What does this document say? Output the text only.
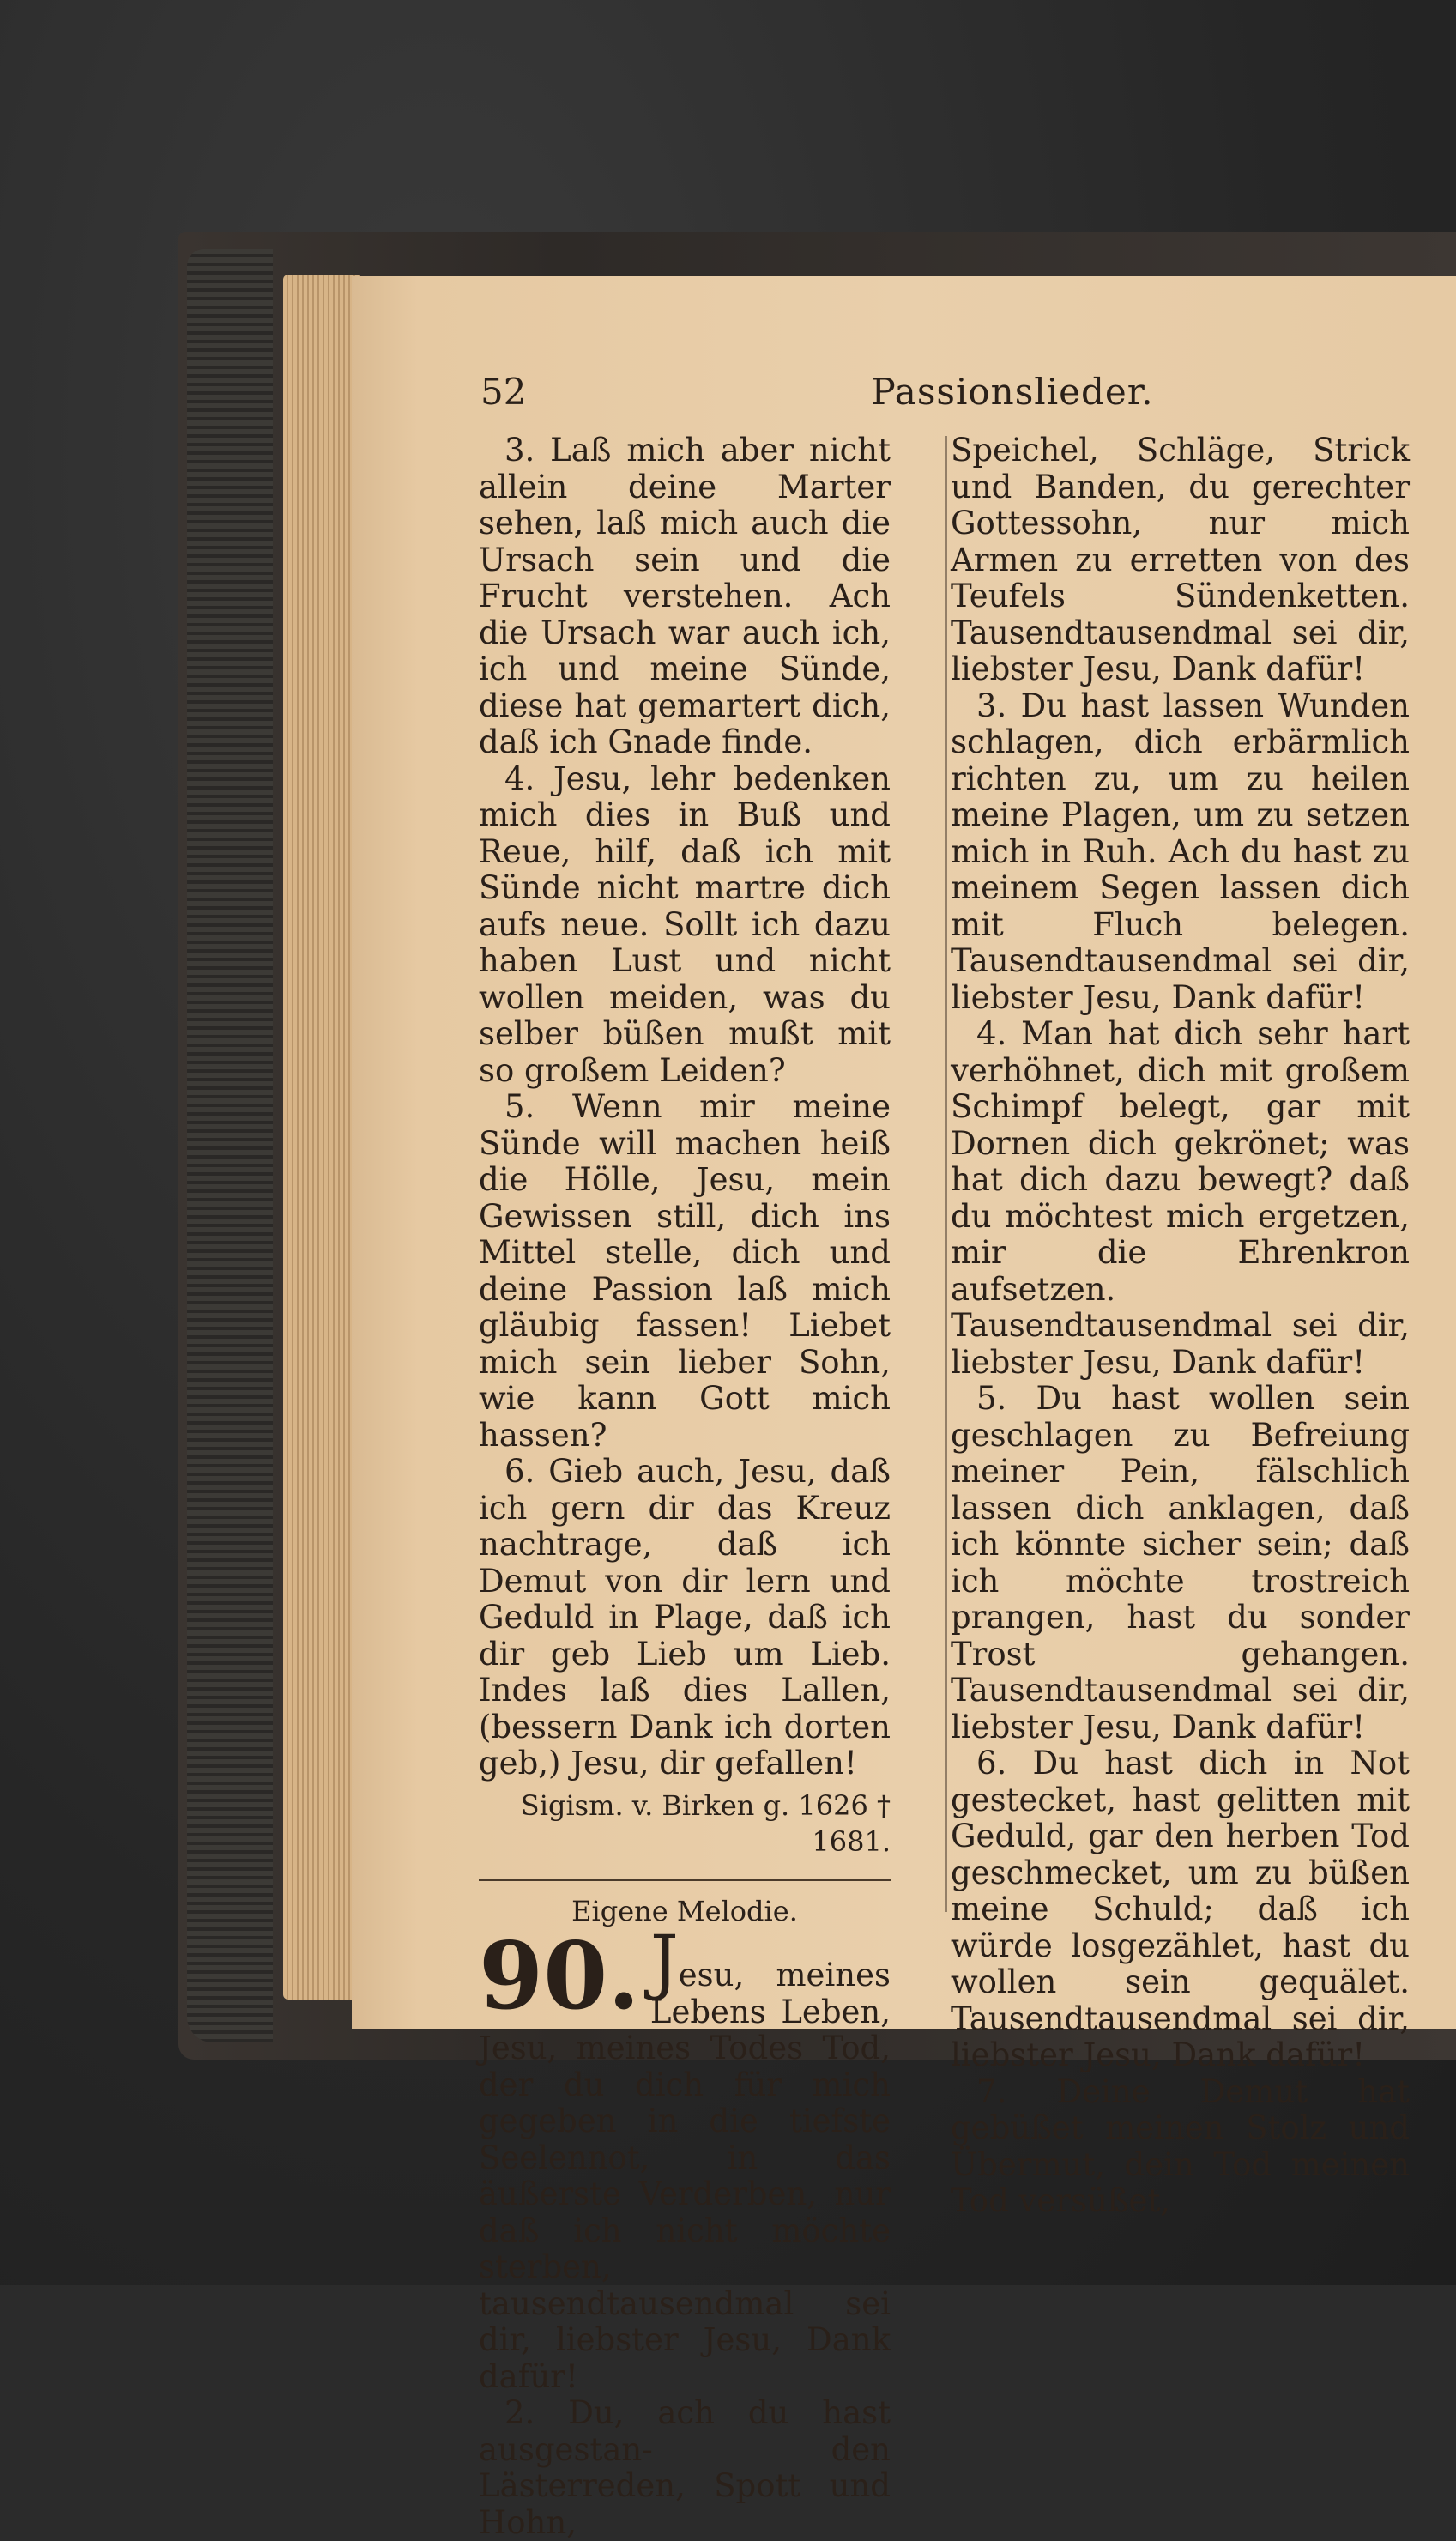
52	Passionslieder.

3. Laß mich aber nicht allein deine Marter sehen, laß mich auch die Ursach sein und die Frucht verstehen. Ach die Ursach war auch ich, ich und meine Sünde, diese hat gemartert dich, daß ich Gnade finde.

4. Jesu, lehr bedenken mich dies in Buß und Reue, hilf, daß ich mit Sünde nicht martre dich aufs neue. Sollt ich dazu haben Lust und nicht wollen meiden, was du selber büßen mußt mit so großem Leiden?

5. Wenn mir meine Sünde will machen heiß die Hölle, Jesu, mein Gewissen still, dich ins Mittel stelle, dich und deine Passion laß mich gläubig fassen! Liebet mich sein lieber Sohn, wie kann Gott mich hassen?

6. Gieb auch, Jesu, daß ich gern dir das Kreuz nachtrage, daß ich Demut von dir lern und Geduld in Plage, daß ich dir geb Lieb um Lieb. Indes laß dies Lallen, (bessern Dank ich dorten geb,) Jesu, dir gefallen!

Sigism. v. Birken g. 1626 † 1681.

Eigene Melodie.

90. Jesu, meines Lebens Leben, Jesu, meines Todes Tod, der du dich für mich gegeben in die tiefste Seelennot, in das äußerste Verderben, nur daß ich nicht möchte sterben, tausendtausendmal sei dir, liebster Jesu, Dank dafür!

2. Du, ach du hast ausgestan- den Lästerreden, Spott und Hohn,

Speichel, Schläge, Strick und Banden, du gerechter Gottessohn, nur mich Armen zu erretten von des Teufels Sündenketten. Tausendtausendmal sei dir, liebster Jesu, Dank dafür!

3. Du hast lassen Wunden schlagen, dich erbärmlich richten zu, um zu heilen meine Plagen, um zu setzen mich in Ruh. Ach du hast zu meinem Segen lassen dich mit Fluch belegen. Tausendtausendmal sei dir, liebster Jesu, Dank dafür!

4. Man hat dich sehr hart verhöhnet, dich mit großem Schimpf belegt, gar mit Dornen dich gekrönet; was hat dich dazu bewegt? daß du möchtest mich ergetzen, mir die Ehrenkron aufsetzen. Tausendtausendmal sei dir, liebster Jesu, Dank dafür!

5. Du hast wollen sein geschlagen zu Befreiung meiner Pein, fälschlich lassen dich anklagen, daß ich könnte sicher sein; daß ich möchte trostreich prangen, hast du sonder Trost gehangen. Tausendtausendmal sei dir, liebster Jesu, Dank dafür!

6. Du hast dich in Not gestecket, hast gelitten mit Geduld, gar den herben Tod geschmecket, um zu büßen meine Schuld; daß ich würde losgezählet, hast du wollen sein gequälet. Tausendtausendmal sei dir, liebster Jesu, Dank dafür!

7. Deine Demut hat gebüßet meinen Stolz und Übermut, dein Tod meinen Tod versüßet,
